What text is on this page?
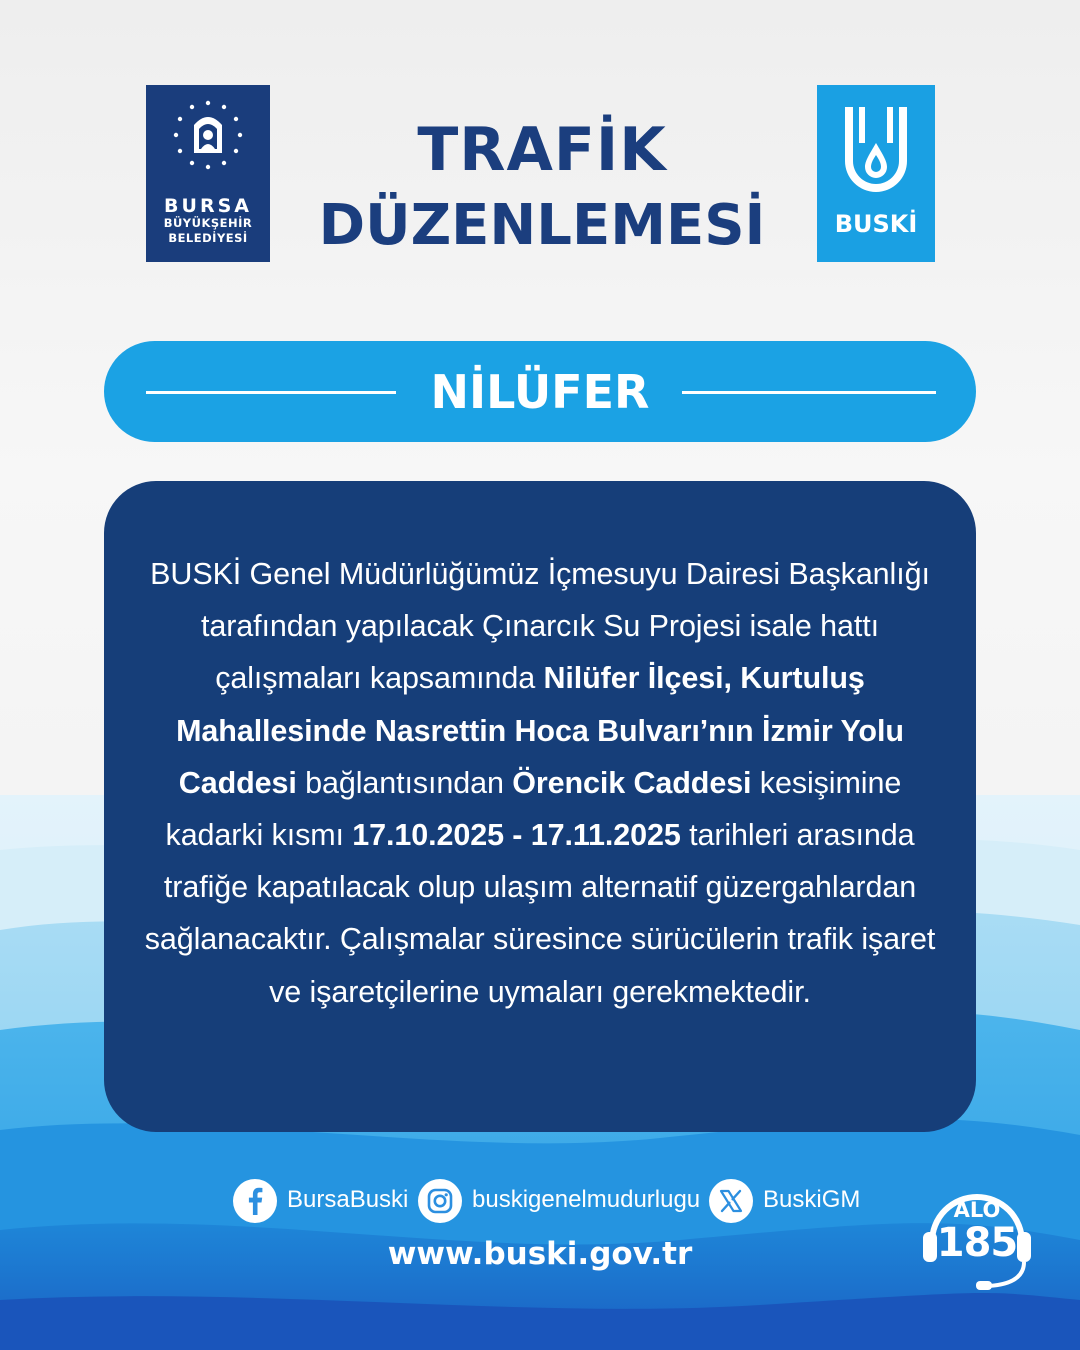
BURSA
BÜYÜKŞEHİR
BELEDİYESİ
TRAFİK
DÜZENLEMESİ	BUSKİ
NİLÜFER
BUSKİ Genel Müdürlüğümüz İçmesuyu Dairesi Başkanlığı tarafından yapılacak Çınarcık Su Projesi isale hattı çalışmaları kapsamında Nilüfer İlçesi, Kurtuluş Mahallesinde Nasrettin Hoca Bulvarı’nın İzmir Yolu Caddesi bağlantısından Örencik Caddesi kesişimine kadarki kısmı 17.10.2025 - 17.11.2025 tarihleri arasında trafiğe kapatılacak olup ulaşım alternatif güzergahlardan sağlanacaktır. Çalışmalar süresince sürücülerin trafik işaret ve işaretçilerine uymaları gerekmektedir.
BursaBuski	buskigenelmudurlugu	BuskiGM
www.buski.gov.tr
ALO
185
